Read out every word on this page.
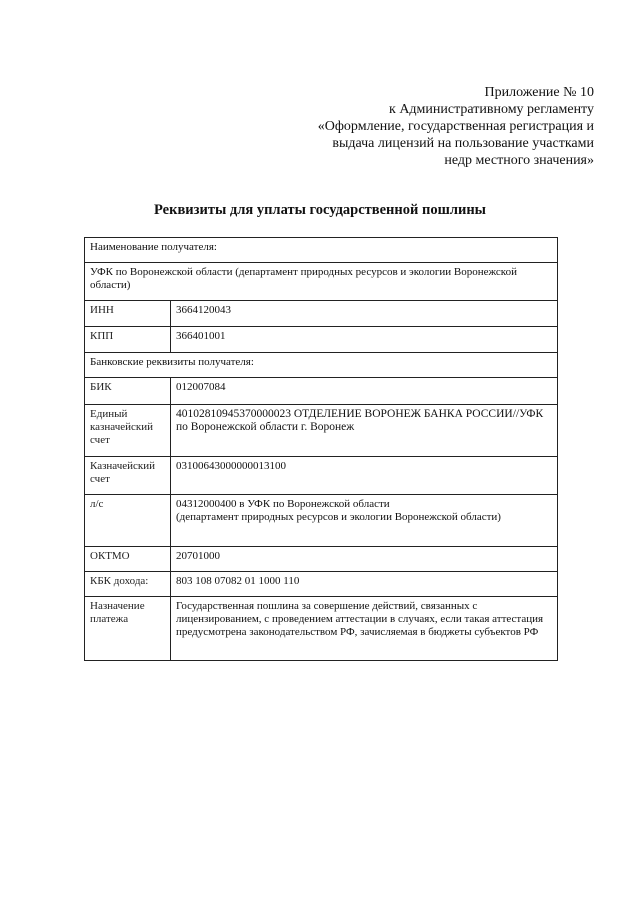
Приложение № 10
к Административному регламенту
«Оформление, государственная регистрация и
выдача лицензий на пользование участками
недр местного значения»
Реквизиты для уплаты государственной пошлины
Наименование получателя:	
УФК по Воронежской области (департамент природных ресурсов и экологии Воронежской области)	
ИНН	3664120043
КПП	366401001
Банковские реквизиты получателя:	
БИК	012007084
Единый казначейский счет	40102810945370000023 ОТДЕЛЕНИЕ ВОРОНЕЖ БАНКА РОССИИ//УФК по Воронежской области г. Воронеж
Казначейский счет	03100643000000013100
л/с	04312000400 в УФК по Воронежской области
(департамент природных ресурсов и экологии Воронежской области)

ОКТМО	20701000
КБК дохода:	803 108 07082 01 1000 110
Назначение платежа	Государственная пошлина за совершение действий, связанных с лицензированием, с проведением аттестации в случаях, если такая аттестация предусмотрена законодательством РФ, зачисляемая в бюджеты субъектов РФ
